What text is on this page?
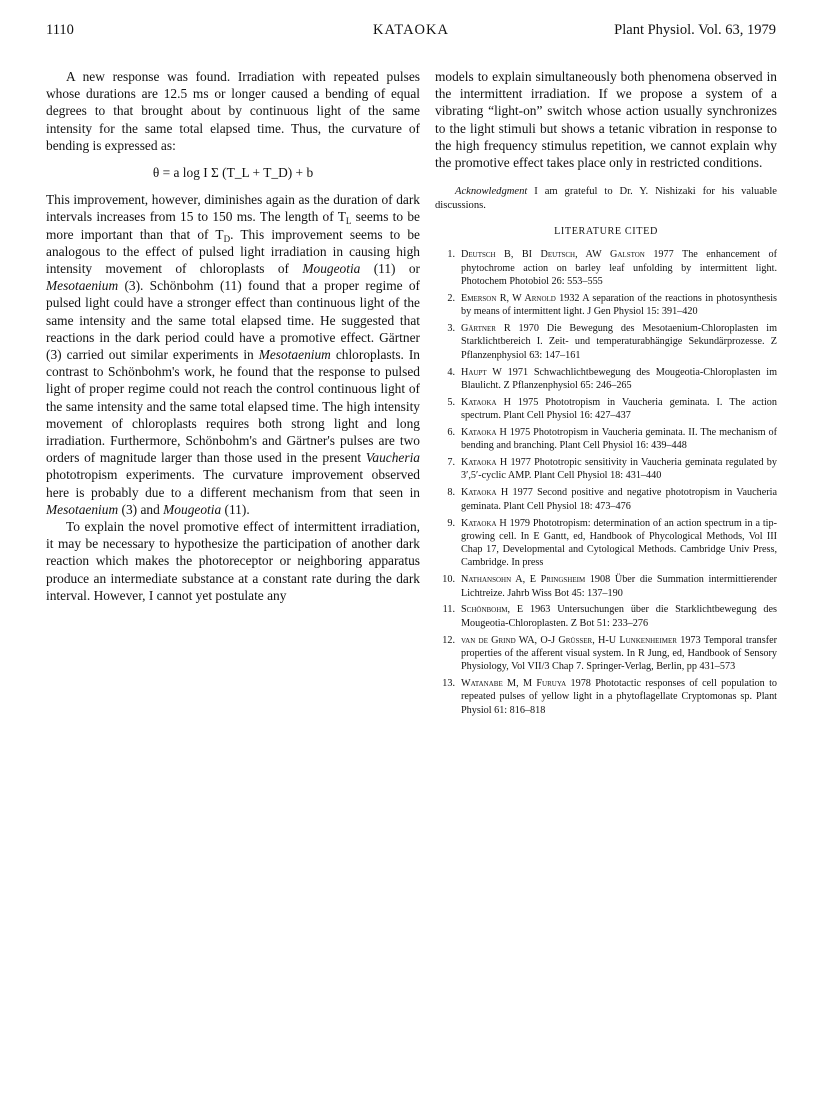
1110	KATAOKA	Plant Physiol. Vol. 63, 1979

A new response was found. Irradiation with repeated pulses whose durations are 12.5 ms or longer caused a bending of equal degrees to that brought about by continuous light of the same intensity for the same total elapsed time. Thus, the curvature of bending is expressed as:

θ = a log I Σ (T_L + T_D) + b

This improvement, however, diminishes again as the duration of dark intervals increases from 15 to 150 ms. The length of $T_L$ seems to be more important than that of $T_D$. This improvement seems to be analogous to the effect of pulsed light irradiation in causing high intensity movement of chloroplasts of Mougeotia (11) or Mesotaenium (3). Schönbohm (11) found that a proper regime of pulsed light could have a stronger effect than continuous light of the same intensity and the same total elapsed time. He suggested that reactions in the dark period could have a promotive effect. Gärtner (3) carried out similar experiments in Mesotaenium chloroplasts. In contrast to Schönbohm's work, he found that the response to pulsed light of proper regime could not reach the control continuous light of the same intensity and the same total elapsed time. The high intensity movement of chloroplasts requires both strong light and long irradiation. Furthermore, Schönbohm's and Gärtner's pulses are two orders of magnitude larger than those used in the present Vaucheria phototropism experiments. The curvature improvement observed here is probably due to a different mechanism from that seen in Mesotaenium (3) and Mougeotia (11).

To explain the novel promotive effect of intermittent irradiation, it may be necessary to hypothesize the participation of another dark reaction which makes the photoreceptor or neighboring apparatus produce an intermediate substance at a constant rate during the dark interval. However, I cannot yet postulate any

models to explain simultaneously both phenomena observed in the intermittent irradiation. If we propose a system of a vibrating “light-on” switch whose action usually synchronizes to the light stimuli but shows a tetanic vibration in response to the high frequency stimulus repetition, we cannot explain why the promotive effect takes place only in restricted conditions.

Acknowledgment I am grateful to Dr. Y. Nishizaki for his valuable discussions.

LITERATURE CITED
1. Deutsch B, BI Deutsch, AW Galston 1977 The enhancement of phytochrome action on barley leaf unfolding by intermittent light. Photochem Photobiol 26: 553–555
2. Emerson R, W Arnold 1932 A separation of the reactions in photosynthesis by means of intermittent light. J Gen Physiol 15: 391–420
3. Gärtner R 1970 Die Bewegung des Mesotaenium-Chloroplasten im Starklichtbereich I. Zeit- und temperaturabhängige Sekundärprozesse. Z Pflanzenphysiol 63: 147–161
4. Haupt W 1971 Schwachlichtbewegung des Mougeotia-Chloroplasten im Blaulicht. Z Pflanzenphysiol 65: 246–265
5. Kataoka H 1975 Phototropism in Vaucheria geminata. I. The action spectrum. Plant Cell Physiol 16: 427–437
6. Kataoka H 1975 Phototropism in Vaucheria geminata. II. The mechanism of bending and branching. Plant Cell Physiol 16: 439–448
7. Kataoka H 1977 Phototropic sensitivity in Vaucheria geminata regulated by 3′,5′-cyclic AMP. Plant Cell Physiol 18: 431–440
8. Kataoka H 1977 Second positive and negative phototropism in Vaucheria geminata. Plant Cell Physiol 18: 473–476
9. Kataoka H 1979 Phototropism: determination of an action spectrum in a tip-growing cell. In E Gantt, ed, Handbook of Phycological Methods, Vol III Chap 17, Developmental and Cytological Methods. Cambridge Univ Press, Cambridge. In press
10. Nathansohn A, E Pringsheim 1908 Über die Summation intermittierender Lichtreize. Jahrb Wiss Bot 45: 137–190
11. Schönbohm, E 1963 Untersuchungen über die Starklichtbewegung des Mougeotia-Chloroplasten. Z Bot 51: 233–276
12. van de Grind WA, O-J Grüsser, H-U Lunkenheimer 1973 Temporal transfer properties of the afferent visual system. In R Jung, ed, Handbook of Sensory Physiology, Vol VII/3 Chap 7. Springer-Verlag, Berlin, pp 431–573
13. Watanabe M, M Furuya 1978 Phototactic responses of cell population to repeated pulses of yellow light in a phytoflagellate Cryptomonas sp. Plant Physiol 61: 816–818
